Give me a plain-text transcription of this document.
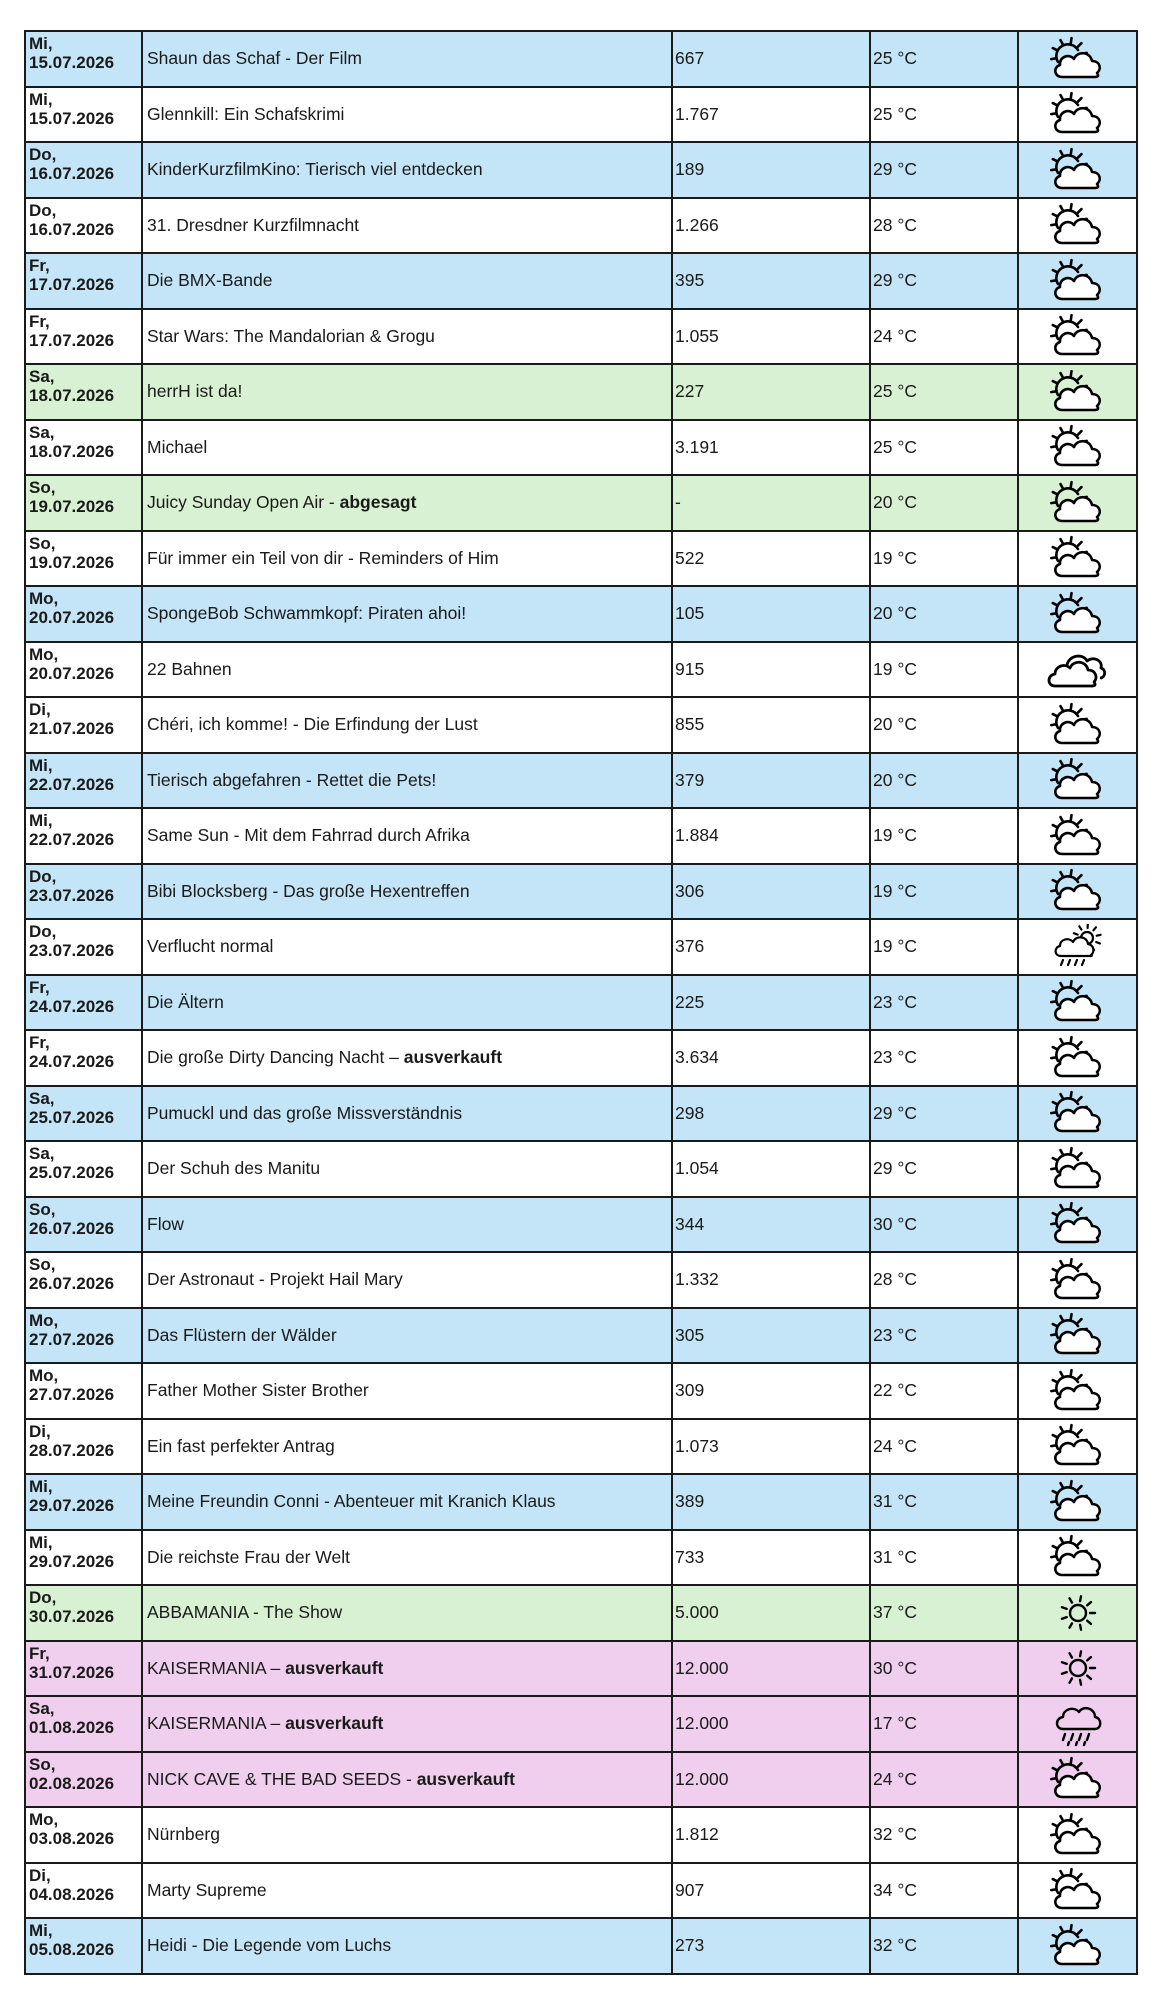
Mi,
15.07.2026	Shaun das Schaf - Der Film	667	25 °C	

Mi,
15.07.2026	Glennkill: Ein Schafskrimi	1.767	25 °C	

Do,
16.07.2026	KinderKurzfilmKino: Tierisch viel entdecken	189	29 °C	

Do,
16.07.2026	31. Dresdner Kurzfilmnacht	1.266	28 °C	

Fr,
17.07.2026	Die BMX-Bande	395	29 °C	

Fr,
17.07.2026	Star Wars: The Mandalorian & Grogu	1.055	24 °C	

Sa,
18.07.2026	herrH ist da!	227	25 °C	

Sa,
18.07.2026	Michael	3.191	25 °C	

So,
19.07.2026	Juicy Sunday Open Air - abgesagt	-	20 °C	

So,
19.07.2026	Für immer ein Teil von dir - Reminders of Him	522	19 °C	

Mo,
20.07.2026	SpongeBob Schwammkopf: Piraten ahoi!	105	20 °C	

Mo,
20.07.2026	22 Bahnen	915	19 °C	

Di,
21.07.2026	Chéri, ich komme! - Die Erfindung der Lust	855	20 °C	

Mi,
22.07.2026	Tierisch abgefahren - Rettet die Pets!	379	20 °C	

Mi,
22.07.2026	Same Sun - Mit dem Fahrrad durch Afrika	1.884	19 °C	

Do,
23.07.2026	Bibi Blocksberg - Das große Hexentreffen	306	19 °C	

Do,
23.07.2026	Verflucht normal	376	19 °C	

Fr,
24.07.2026	Die Ältern	225	23 °C	

Fr,
24.07.2026	Die große Dirty Dancing Nacht – ausverkauft	3.634	23 °C	

Sa,
25.07.2026	Pumuckl und das große Missverständnis	298	29 °C	

Sa,
25.07.2026	Der Schuh des Manitu	1.054	29 °C	

So,
26.07.2026	Flow	344	30 °C	

So,
26.07.2026	Der Astronaut - Projekt Hail Mary	1.332	28 °C	

Mo,
27.07.2026	Das Flüstern der Wälder	305	23 °C	

Mo,
27.07.2026	Father Mother Sister Brother	309	22 °C	

Di,
28.07.2026	Ein fast perfekter Antrag	1.073	24 °C	

Mi,
29.07.2026	Meine Freundin Conni - Abenteuer mit Kranich Klaus	389	31 °C	

Mi,
29.07.2026	Die reichste Frau der Welt	733	31 °C	

Do,
30.07.2026	ABBAMANIA - The Show	5.000	37 °C	

Fr,
31.07.2026	KAISERMANIA – ausverkauft	12.000	30 °C	

Sa,
01.08.2026	KAISERMANIA – ausverkauft	12.000	17 °C	

So,
02.08.2026	NICK CAVE & THE BAD SEEDS - ausverkauft	12.000	24 °C	

Mo,
03.08.2026	Nürnberg	1.812	32 °C	

Di,
04.08.2026	Marty Supreme	907	34 °C	

Mi,
05.08.2026	Heidi - Die Legende vom Luchs	273	32 °C	
